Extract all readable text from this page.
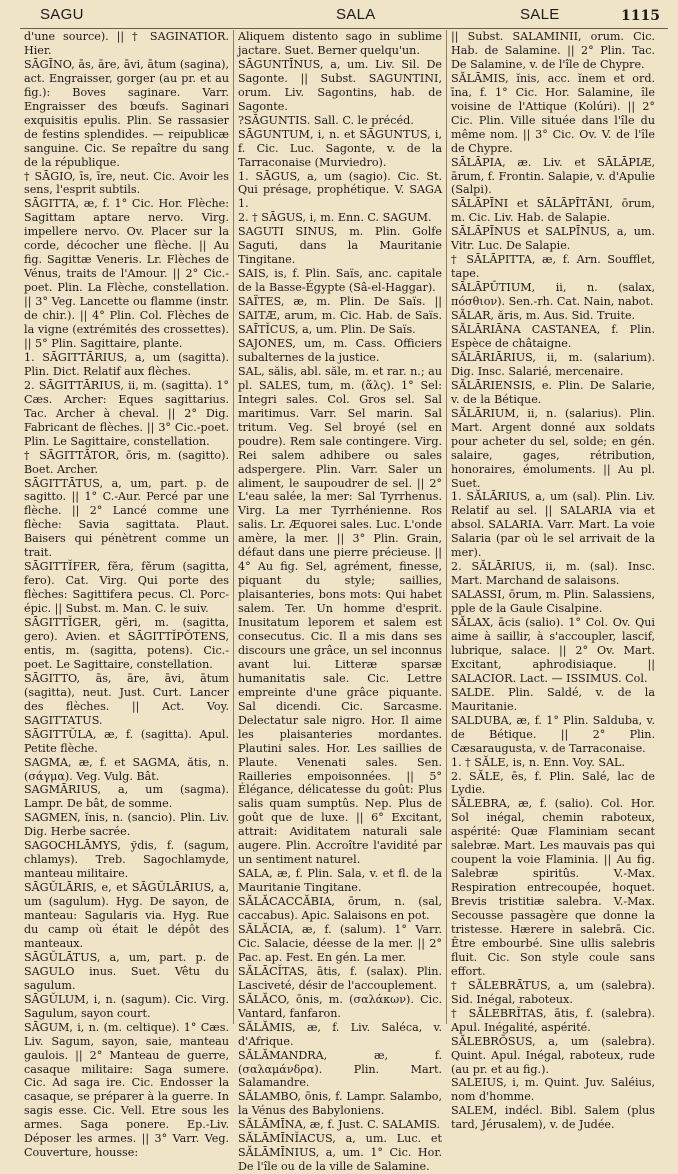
SAGU	SALA	SALE	1115

d'une source). || † SAGINATIOR. Hier.

SĀGĪNO, ās, āre, āvi, ātum (sagina), act. Engraisser, gorger (au pr. et au fig.): Boves saginare. Varr. Engraisser des bœufs. Saginari exquisitis epulis. Plin. Se rassasier de festins splendides. — reipublicæ sanguine. Cic. Se repaître du sang de la république.

† SĀGIO, īs, īre, neut. Cic. Avoir les sens, l'esprit subtils.

SĀGITTA, æ, f. 1° Cic. Hor. Flèche: Sagittam aptare nervo. Virg. impellere nervo. Ov. Placer sur la corde, décocher une flèche. || Au fig. Sagittæ Veneris. Lr. Flèches de Vénus, traits de l'Amour. || 2° Cic.-poet. Plin. La Flèche, constellation. || 3° Veg. Lancette ou flamme (instr. de chir.). || 4° Plin. Col. Flèches de la vigne (extrémités des crossettes). || 5° Plin. Sagittaire, plante.

1. SĀGITTĀRIUS, a, um (sagitta). Plin. Dict. Relatif aux flèches.

2. SĀGITTĀRIUS, ii, m. (sagitta). 1° Cæs. Archer: Eques sagittarius. Tac. Archer à cheval. || 2° Dig. Fabricant de flèches. || 3° Cic.-poet. Plin. Le Sagittaire, constellation.

† SĀGITTĀTOR, ōris, m. (sagitto). Boet. Archer.

SĀGITTĀTUS, a, um, part. p. de sagitto. || 1° C.-Aur. Percé par une flèche. || 2° Lancé comme une flèche: Savia sagittata. Plaut. Baisers qui pénètrent comme un trait.

SĀGITTĬFER, fĕra, fĕrum (sagitta, fero). Cat. Virg. Qui porte des flèches: Sagittifera pecus. Cl. Porc-épic. || Subst. m. Man. C. le suiv.

SĀGITTĬGER, gĕri, m. (sagitta, gero). Avien. et SĀGITTĬPŎTENS, entis, m. (sagitta, potens). Cic.-poet. Le Sagittaire, constellation.

SĀGITTO, ās, āre, āvi, ātum (sagitta), neut. Just. Curt. Lancer des flèches. || Act. Voy. SAGITTATUS.

SĀGITTŬLA, æ, f. (sagitta). Apul. Petite flèche.

SAGMA, æ, f. et SAGMA, ătis, n. (σάγμα). Veg. Vulg. Bât.

SAGMĀRIUS, a, um (sagma). Lampr. De bât, de somme.

SAGMEN, ĭnis, n. (sancio). Plin. Liv. Dig. Herbe sacrée.

SAGOCHLĀMYS, ўdis, f. (sagum, chlamys). Treb. Sagochlamyde, manteau militaire.

SĀGŬLĀRIS, e, et SĀGŬLĀRIUS, a, um (sagulum). Hyg. De sayon, de manteau: Sagularis via. Hyg. Rue du camp où était le dépôt des manteaux.

SĀGŬLĀTUS, a, um, part. p. de SAGULO inus. Suet. Vêtu du sagulum.

SĀGŬLUM, i, n. (sagum). Cic. Virg. Sagulum, sayon court.

SĀGUM, i, n. (m. celtique). 1° Cæs. Liv. Sagum, sayon, saie, manteau gaulois. || 2° Manteau de guerre, casaque militaire: Saga sumere. Cic. Ad saga ire. Cic. Endosser la casaque, se préparer à la guerre. In sagis esse. Cic. Vell. Etre sous les armes. Saga ponere. Ep.-Liv. Déposer les armes. || 3° Varr. Veg. Couverture, housse:

Aliquem distento sago in sublime jactare. Suet. Berner quelqu'un.

SĀGUNTĪNUS, a, um. Liv. Sil. De Sagonte. || Subst. SAGUNTINI, orum. Liv. Sagontins, hab. de Sagonte.

?SĀGUNTIS. Sall. C. le précéd.

SĀGUNTUM, i, n. et SĀGUNTUS, i, f. Cic. Luc. Sagonte, v. de la Tarraconaise (Murviedro).

1. SĀGUS, a, um (sagio). Cic. St. Qui présage, prophétique. V. SAGA 1.

2. † SĀGUS, i, m. Enn. C. SAGUM.

SAGUTI SINUS, m. Plin. Golfe Saguti, dans la Mauritanie Tingitane.

SAIS, is, f. Plin. Saïs, anc. capitale de la Basse-Égypte (Sâ-el-Haggar).

SAÏTES, æ, m. Plin. De Saïs. || SAITÆ, arum, m. Cic. Hab. de Saïs. SAĪTĬCUS, a, um. Plin. De Saïs.

SAJONES, um, m. Cass. Officiers subalternes de la justice.

SAL, sălis, abl. săle, m. et rar. n.; au pl. SALES, tum, m. (ἅλς). 1° Sel: Integri sales. Col. Gros sel. Sal maritimus. Varr. Sel marin. Sal tritum. Veg. Sel broyé (sel en poudre). Rem sale contingere. Virg. Rei salem adhibere ou sales adspergere. Plin. Varr. Saler un aliment, le saupoudrer de sel. || 2° L'eau salée, la mer: Sal Tyrrhenus. Virg. La mer Tyrrhénienne. Ros salis. Lr. Æquorei sales. Luc. L'onde amère, la mer. || 3° Plin. Grain, défaut dans une pierre précieuse. || 4° Au fig. Sel, agrément, finesse, piquant du style; saillies, plaisanteries, bons mots: Qui habet salem. Ter. Un homme d'esprit. Inusitatum leporem et salem est consecutus. Cic. Il a mis dans ses discours une grâce, un sel inconnus avant lui. Litteræ sparsæ humanitatis sale. Cic. Lettre empreinte d'une grâce piquante. Sal dicendi. Cic. Sarcasme. Delectatur sale nigro. Hor. Il aime les plaisanteries mordantes. Plautini sales. Hor. Les saillies de Plaute. Venenati sales. Sen. Railleries empoisonnées. || 5° Élégance, délicatesse du goût: Plus salis quam sumptûs. Nep. Plus de goût que de luxe. || 6° Excitant, attrait: Aviditatem naturali sale augere. Plin. Accroître l'avidité par un sentiment naturel.

SALA, æ, f. Plin. Sala, v. et fl. de la Mauritanie Tingitane.

SĂLĂCACCĂBIA, ōrum, n. (sal, caccabus). Apic. Salaisons en pot.

SĂLĂCIA, æ, f. (salum). 1° Varr. Cic. Salacie, déesse de la mer. || 2° Pac. ap. Fest. En gén. La mer.

SĂLĀCĬTAS, ātis, f. (salax). Plin. Lasciveté, désir de l'accouplement.

SĂLĂCO, ōnis, m. (σαλάκων). Cic. Vantard, fanfaron.

SĂLĂMIS, æ, f. Liv. Saléca, v. d'Afrique.

SĂLĂMANDRA, æ, f. (σαλαμάνδρα). Plin. Mart. Salamandre.

SĂLAMBO, ōnis, f. Lampr. Salambo, la Vénus des Babyloniens.

SĂLĀMĪNA, æ, f. Just. C. SALAMIS.

SĂLĀMĪNĬACUS, a, um. Luc. et SĂLĀMĪNIUS, a, um. 1° Cic. Hor. De l'île ou de la ville de Salamine.

|| Subst. SALAMINII, orum. Cic. Hab. de Salamine. || 2° Plin. Tac. De Salamine, v. de l'île de Chypre.

SĂLĀMIS, ĭnis, acc. ĭnem et ord. īna, f. 1° Cic. Hor. Salamine, île voisine de l'Attique (Kolúri). || 2° Cic. Plin. Ville située dans l'île du même nom. || 3° Cic. Ov. V. de l'île de Chypre.

SĀLĀPIA, æ. Liv. et SĀLĀPIÆ, ārum, f. Frontin. Salapie, v. d'Apulie (Salpi).

SĀLĀPĪNI et SĀLĀPĪTĀNI, ōrum, m. Cic. Liv. Hab. de Salapie.

SĀLĀPĪNUS et SALPĪNUS, a, um. Vitr. Luc. De Salapie.

† SĀLĀPITTA, æ, f. Arn. Soufflet, tape.

SĀLĀPŪTIUM, ii, n. (salax, πόσθιον). Sen.-rh. Cat. Nain, nabot.

SĂLAR, ăris, m. Aus. Sid. Truite.

SĂLĀRIĀNA CASTANEA, f. Plin. Espèce de châtaigne.

SĂLĀRIĀRIUS, ii, m. (salarium). Dig. Insc. Salarié, mercenaire.

SĂLĀRIENSIS, e. Plin. De Salarie, v. de la Bétique.

SĂLĀRIUM, ii, n. (salarius). Plin. Mart. Argent donné aux soldats pour acheter du sel, solde; en gén. salaire, gages, rétribution, honoraires, émoluments. || Au pl. Suet.

1. SĂLĀRIUS, a, um (sal). Plin. Liv. Relatif au sel. || SALARIA via et absol. SALARIA. Varr. Mart. La voie Salaria (par où le sel arrivait de la mer).

2. SĂLĀRIUS, ii, m. (sal). Insc. Mart. Marchand de salaisons.

SALASSI, ōrum, m. Plin. Salassiens, pple de la Gaule Cisalpine.

SĂLAX, ācis (salio). 1° Col. Ov. Qui aime à saillir, à s'accoupler, lascif, lubrique, salace. || 2° Ov. Mart. Excitant, aphrodisiaque. || SALACIOR. Lact. — ISSIMUS. Col.

SALDE. Plin. Saldé, v. de la Mauritanie.

SALDUBA, æ, f. 1° Plin. Salduba, v. de Bétique. || 2° Plin. Cæsaraugusta, v. de Tarraconaise.

1. † SĂLE, is, n. Enn. Voy. SAL.

2. SĂLE, ēs, f. Plin. Salé, lac de Lydie.

SĂLEBRA, æ, f. (salio). Col. Hor. Sol inégal, chemin raboteux, aspérité: Quæ Flaminiam secant salebræ. Mart. Les mauvais pas qui coupent la voie Flaminia. || Au fig. Salebræ spiritûs. V.-Max. Respiration entrecoupée, hoquet. Brevis tristitiæ salebra. V.-Max. Secousse passagère que donne la tristesse. Hærere in salebrā. Cic. Être embourbé. Sine ullis salebris fluit. Cic. Son style coule sans effort.

† SĂLEBRĀTUS, a, um (salebra). Sid. Inégal, raboteux.

† SĂLEBRĬTAS, ātis, f. (salebra). Apul. Inégalité, aspérité.

SĂLEBRŌSUS, a, um (salebra). Quint. Apul. Inégal, raboteux, rude (au pr. et au fig.).

SALEIUS, i, m. Quint. Juv. Saléius, nom d'homme.

SALEM, indécl. Bibl. Salem (plus tard, Jérusalem), v. de Judée.
